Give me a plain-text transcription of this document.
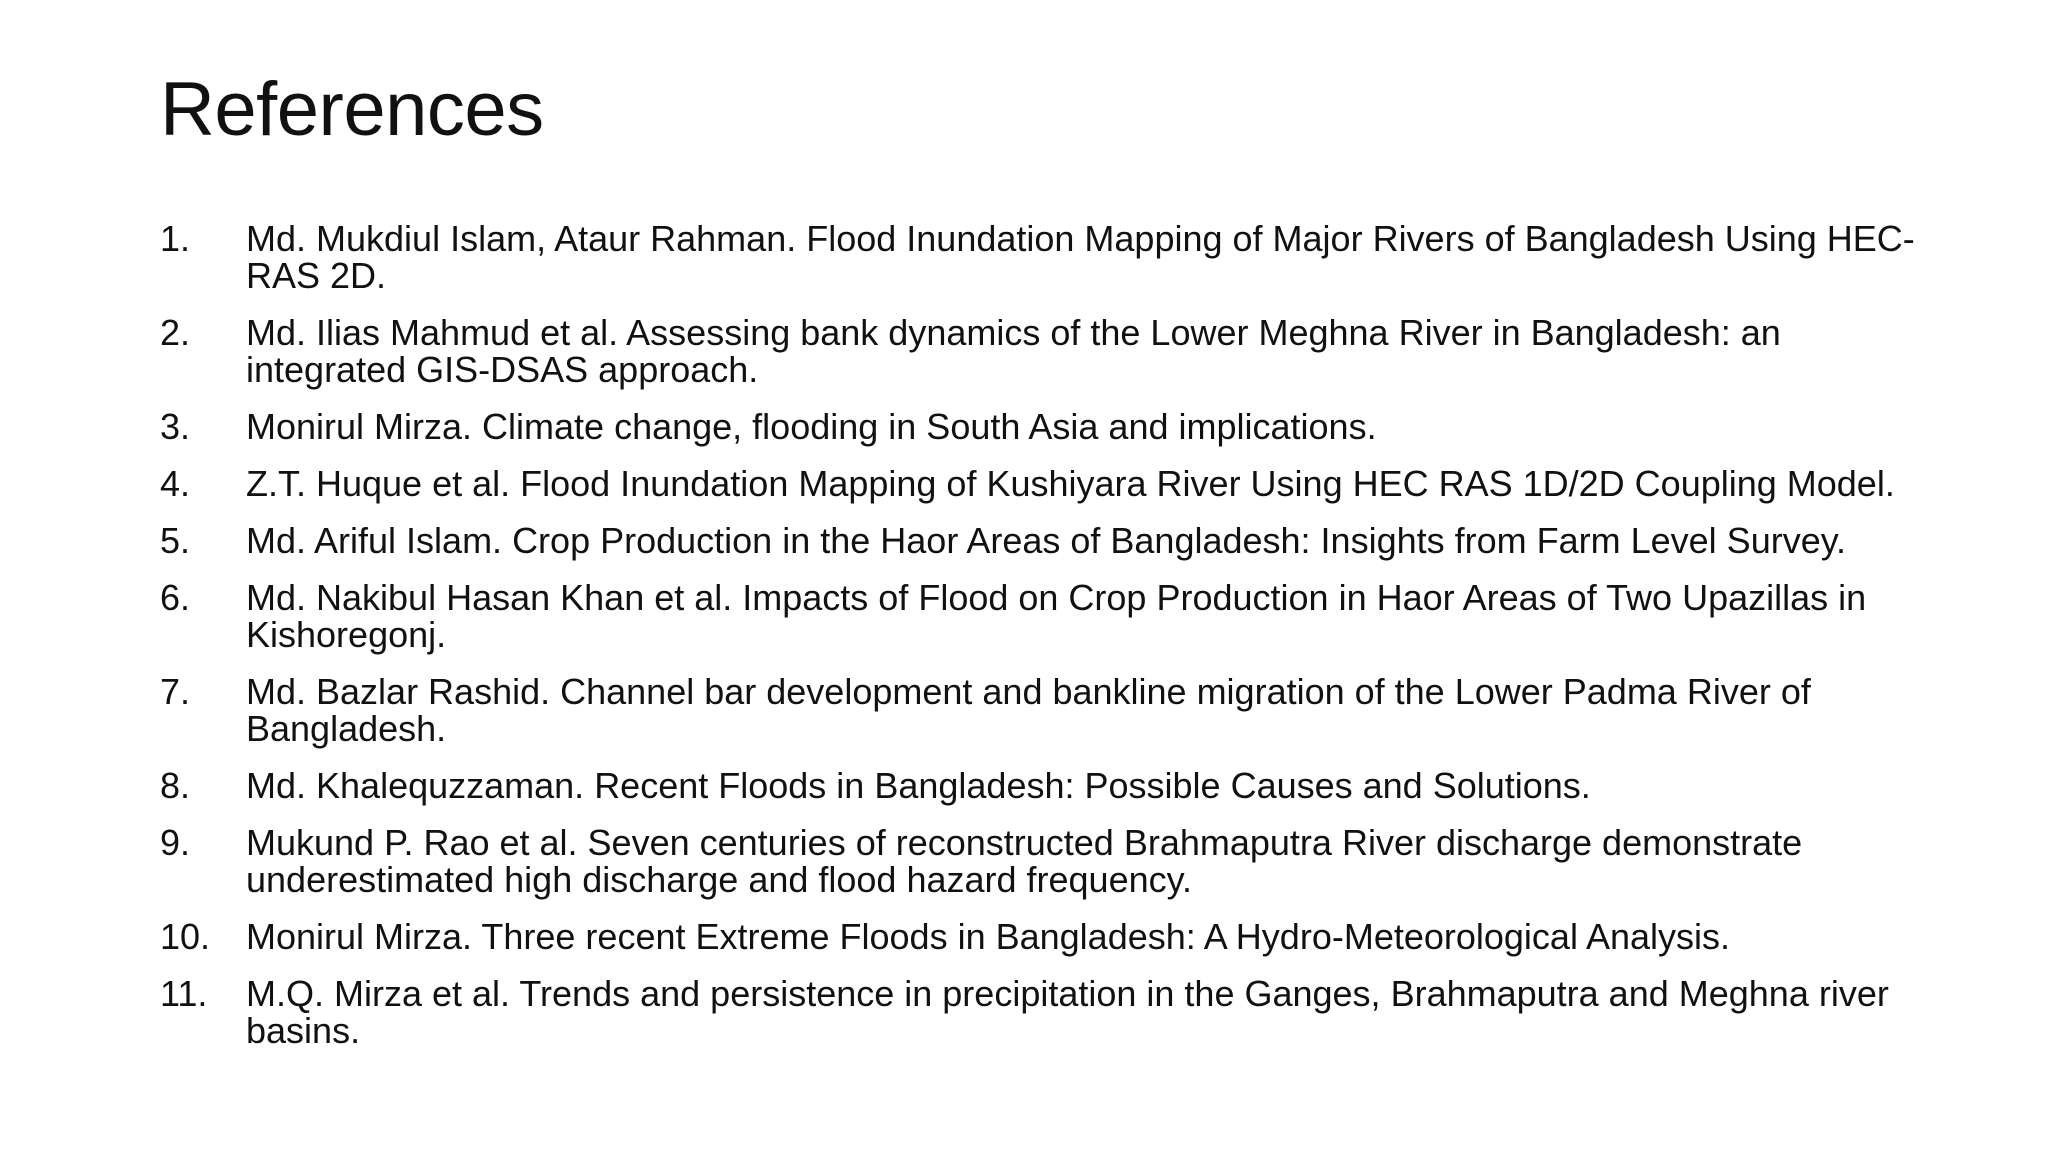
References
1.	Md. Mukdiul Islam, Ataur Rahman. Flood Inundation Mapping of Major Rivers of Bangladesh Using HEC-RAS 2D.
2.	Md. Ilias Mahmud et al. Assessing bank dynamics of the Lower Meghna River in Bangladesh: an integrated GIS-DSAS approach.
3.	Monirul Mirza. Climate change, flooding in South Asia and implications.
4.	Z.T. Huque et al. Flood Inundation Mapping of Kushiyara River Using HEC RAS 1D/2D Coupling Model.
5.	Md. Ariful Islam. Crop Production in the Haor Areas of Bangladesh: Insights from Farm Level Survey.
6.	Md. Nakibul Hasan Khan et al. Impacts of Flood on Crop Production in Haor Areas of Two Upazillas in Kishoregonj.
7.	Md. Bazlar Rashid. Channel bar development and bankline migration of the Lower Padma River of Bangladesh.
8.	Md. Khalequzzaman. Recent Floods in Bangladesh: Possible Causes and Solutions.
9.	Mukund P. Rao et al. Seven centuries of reconstructed Brahmaputra River discharge demonstrate underestimated high discharge and flood hazard frequency.
10. Monirul Mirza. Three recent Extreme Floods in Bangladesh: A Hydro-Meteorological Analysis.
11.	M.Q. Mirza et al. Trends and persistence in precipitation in the Ganges, Brahmaputra and Meghna river basins.
